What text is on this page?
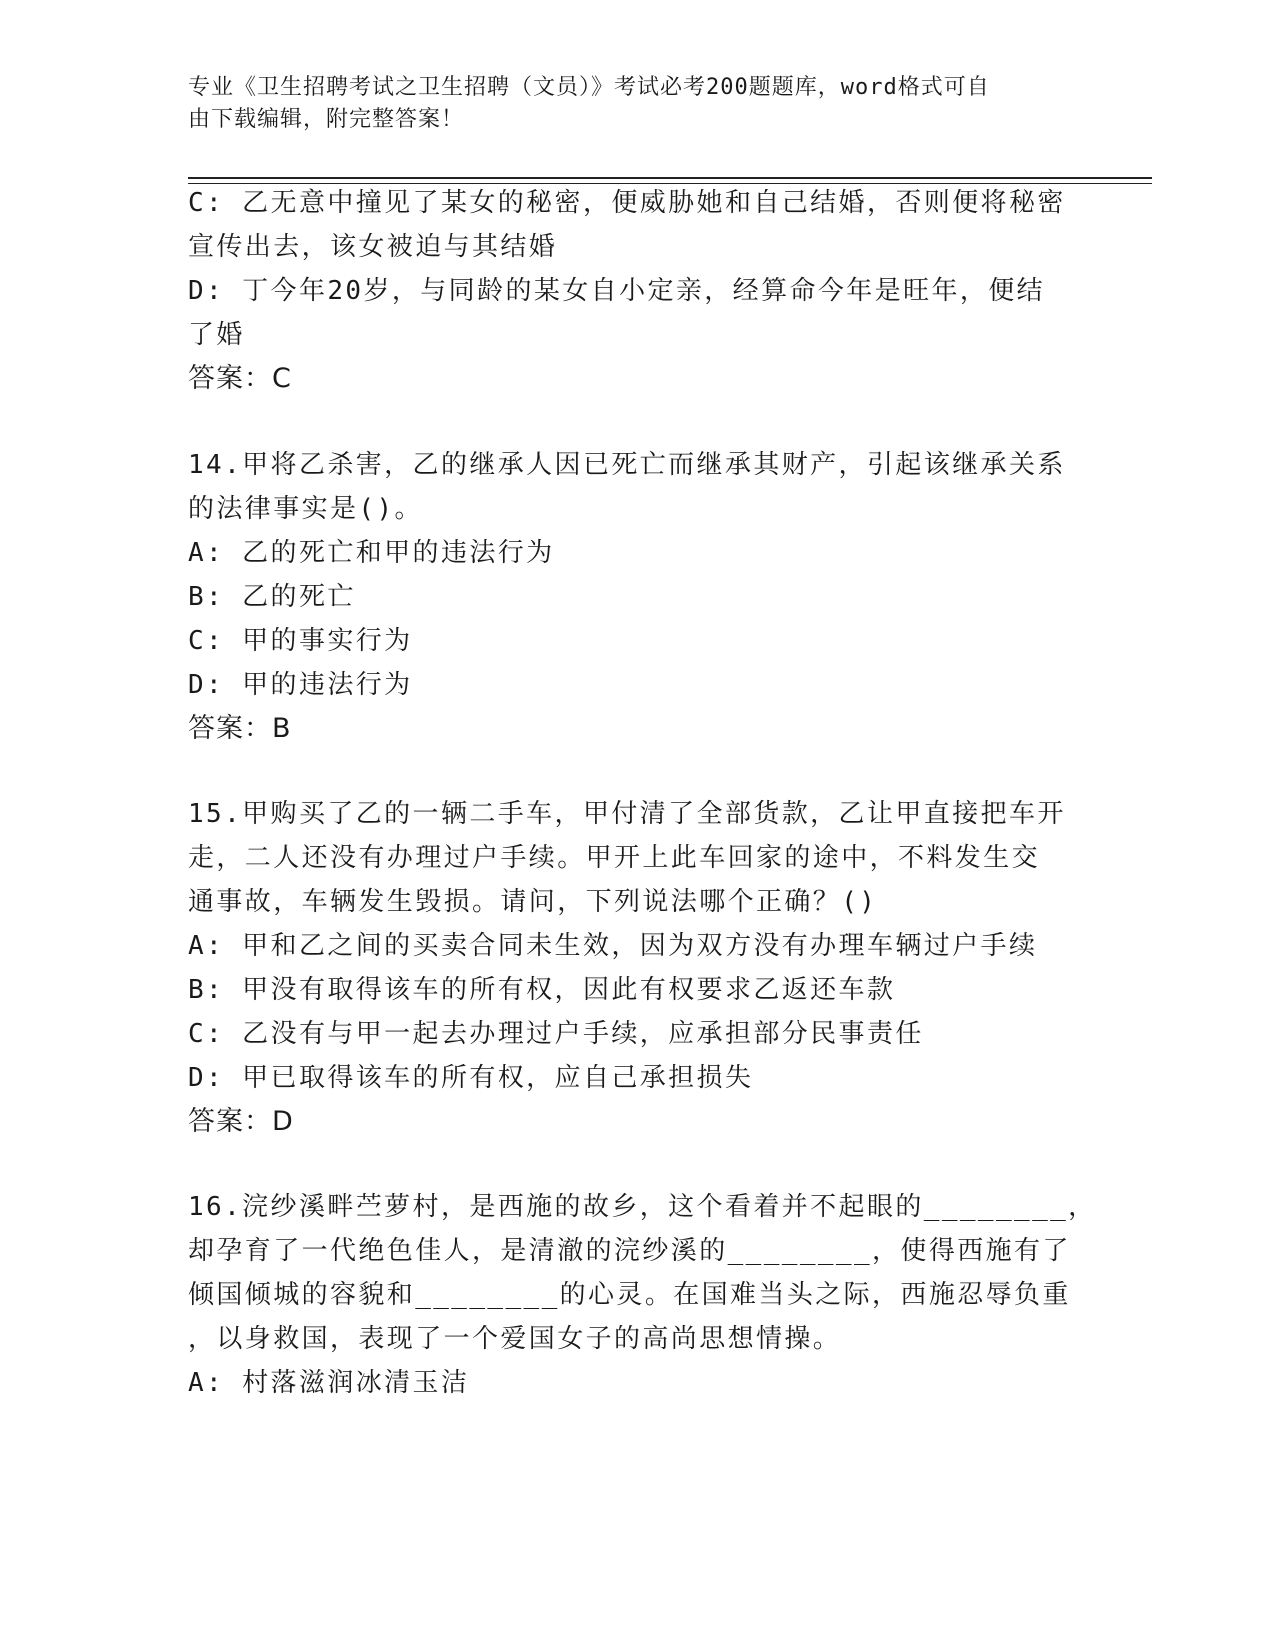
专业《卫生招聘考试之卫生招聘（文员）》考试必考200题题库，word格式可自
由下载编辑，附完整答案！
C: 乙无意中撞见了某女的秘密，便威胁她和自己结婚，否则便将秘密
宣传出去，该女被迫与其结婚
D: 丁今年20岁，与同龄的某女自小定亲，经算命今年是旺年，便结
了婚
答案：C
14.甲将乙杀害，乙的继承人因已死亡而继承其财产，引起该继承关系
的法律事实是()。
A: 乙的死亡和甲的违法行为
B: 乙的死亡
C: 甲的事实行为
D: 甲的违法行为
答案：B
15.甲购买了乙的一辆二手车，甲付清了全部货款，乙让甲直接把车开
走，二人还没有办理过户手续。甲开上此车回家的途中，不料发生交
通事故，车辆发生毁损。请问，下列说法哪个正确？()
A: 甲和乙之间的买卖合同未生效，因为双方没有办理车辆过户手续
B: 甲没有取得该车的所有权，因此有权要求乙返还车款
C: 乙没有与甲一起去办理过户手续，应承担部分民事责任
D: 甲已取得该车的所有权，应自己承担损失
答案：D
16.浣纱溪畔苎萝村，是西施的故乡，这个看着并不起眼的________，
却孕育了一代绝色佳人，是清澈的浣纱溪的________，使得西施有了
倾国倾城的容貌和________的心灵。在国难当头之际，西施忍辱负重
，以身救国，表现了一个爱国女子的高尚思想情操。
A: 村落滋润冰清玉洁
